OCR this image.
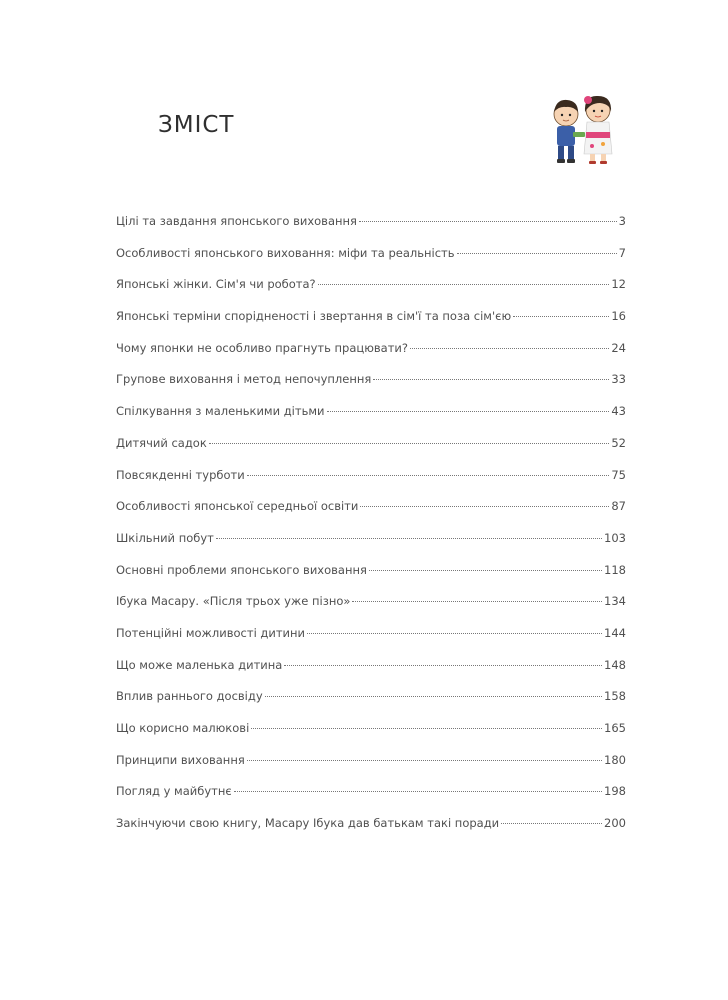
ЗМІСТ
Цілі та завдання японського виховання	3
Особливості японського виховання: міфи та реальність	7
Японські жінки. Сім'я чи робота?	12
Японські терміни спорідненості і звертання в сім'ї та поза сім'єю	16
Чому японки не особливо прагнуть працювати?	24
Групове виховання і метод непочуплення	33
Спілкування з маленькими дітьми	43
Дитячий садок	52
Повсякденні турботи	75
Особливості японської середньої освіти	87
Шкільний побут	103
Основні проблеми японського виховання	118
Ібука Масару. «Після трьох уже пізно»	134
Потенційні можливості дитини	144
Що може маленька дитина	148
Вплив раннього досвіду	158
Що корисно малюкові	165
Принципи виховання	180
Погляд у майбутнє	198
Закінчуючи свою книгу, Масару Ібука дав батькам такі поради	200
